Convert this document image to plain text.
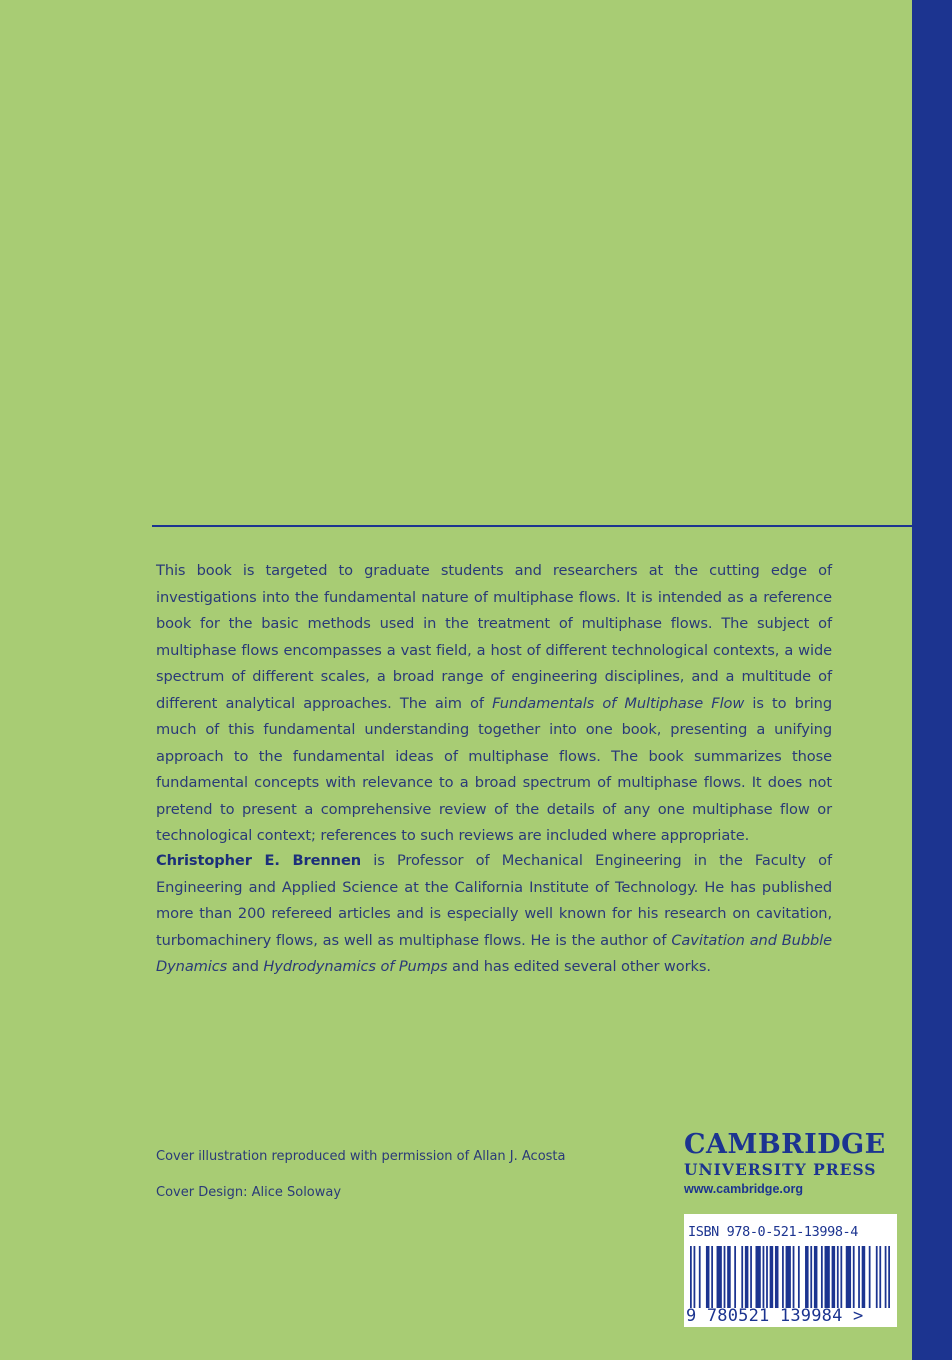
This book is targeted to graduate students and researchers at the cutting edge of investigations into the fundamental nature of multiphase flows. It is intended as a reference book for the basic methods used in the treatment of multiphase flows. The subject of multiphase flows encompasses a vast field, a host of different technological contexts, a wide spectrum of different scales, a broad range of engineering disciplines, and a multitude of different analytical approaches. The aim of Fundamentals of Multiphase Flow is to bring much of this fundamental understanding together into one book, presenting a unifying approach to the fundamental ideas of multiphase flows. The book summarizes those fundamental concepts with relevance to a broad spectrum of multiphase flows. It does not pretend to present a comprehensive review of the details of any one multiphase flow or technological context; references to such reviews are included where appropriate.

Christopher E. Brennen is Professor of Mechanical Engineering in the Faculty of Engineering and Applied Science at the California Institute of Technology. He has published more than 200 refereed articles and is especially well known for his research on cavitation, turbomachinery flows, as well as multiphase flows. He is the author of Cavitation and Bubble Dynamics and Hydrodynamics of Pumps and has edited several other works.

Cover illustration reproduced with permission of Allan J. Acosta

Cover Design: Alice Soloway

CAMBRIDGE

UNIVERSITY PRESS

www.cambridge.org

ISBN 978-0-521-13998-4

9 780521 139984 >
